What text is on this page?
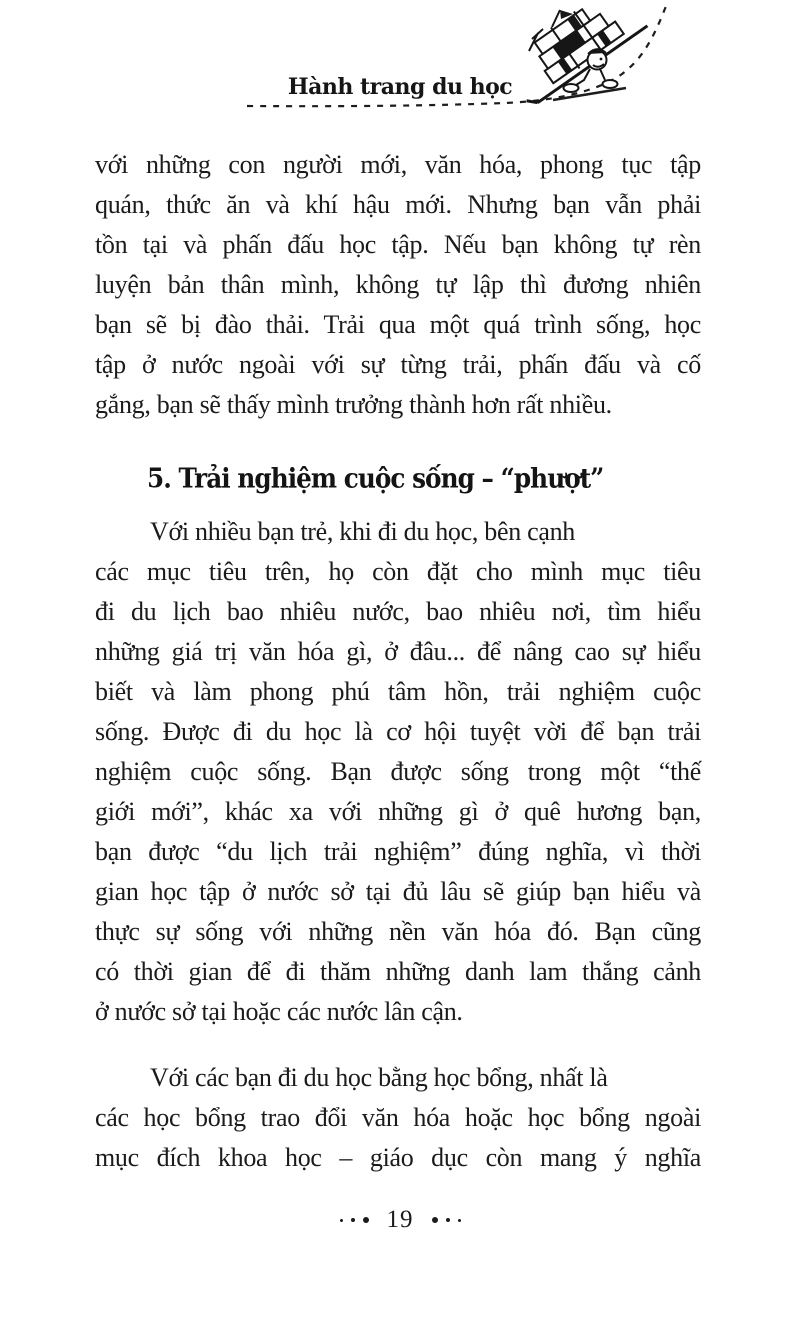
Hành trang du học
với những con người mới, văn hóa, phong tục tập
quán, thức ăn và khí hậu mới. Nhưng bạn vẫn phải
tồn tại và phấn đấu học tập. Nếu bạn không tự rèn
luyện bản thân mình, không tự lập thì đương nhiên
bạn sẽ bị đào thải. Trải qua một quá trình sống, học
tập ở nước ngoài với sự từng trải, phấn đấu và cố
gắng, bạn sẽ thấy mình trưởng thành hơn rất nhiều.
5. Trải nghiệm cuộc sống – “phượt”
Với nhiều bạn trẻ, khi đi du học, bên cạnh
các mục tiêu trên, họ còn đặt cho mình mục tiêu
đi du lịch bao nhiêu nước, bao nhiêu nơi, tìm hiểu
những giá trị văn hóa gì, ở đâu... để nâng cao sự hiểu
biết và làm phong phú tâm hồn, trải nghiệm cuộc
sống. Được đi du học là cơ hội tuyệt vời để bạn trải
nghiệm cuộc sống. Bạn được sống trong một “thế
giới mới”, khác xa với những gì ở quê hương bạn,
bạn được “du lịch trải nghiệm” đúng nghĩa, vì thời
gian học tập ở nước sở tại đủ lâu sẽ giúp bạn hiểu và
thực sự sống với những nền văn hóa đó. Bạn cũng
có thời gian để đi thăm những danh lam thắng cảnh
ở nước sở tại hoặc các nước lân cận.
Với các bạn đi du học bằng học bổng, nhất là
các học bổng trao đổi văn hóa hoặc học bổng ngoài
mục đích khoa học – giáo dục còn mang ý nghĩa
19
